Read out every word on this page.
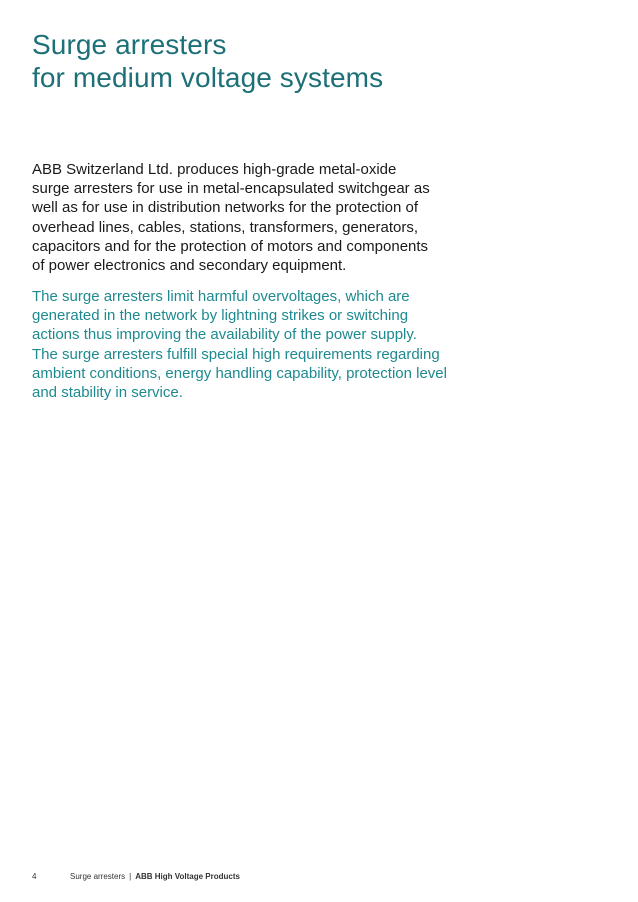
Surge arresters
for medium voltage systems

ABB Switzerland Ltd. produces high-grade metal-oxide
surge arresters for use in metal-encapsulated switchgear as
well as for use in distribution networks for the protection of
overhead lines, cables, stations, transformers, generators,
capacitors and for the protection of motors and components
of power electronics and secondary equipment.

The surge arresters limit harmful overvoltages, which are
generated in the network by lightning strikes or switching
actions thus improving the availability of the power supply.
The surge arresters fulfill special high requirements regarding
ambient conditions, energy handling capability, protection level
and stability in service.

4	Surge arresters | ABB High Voltage Products
